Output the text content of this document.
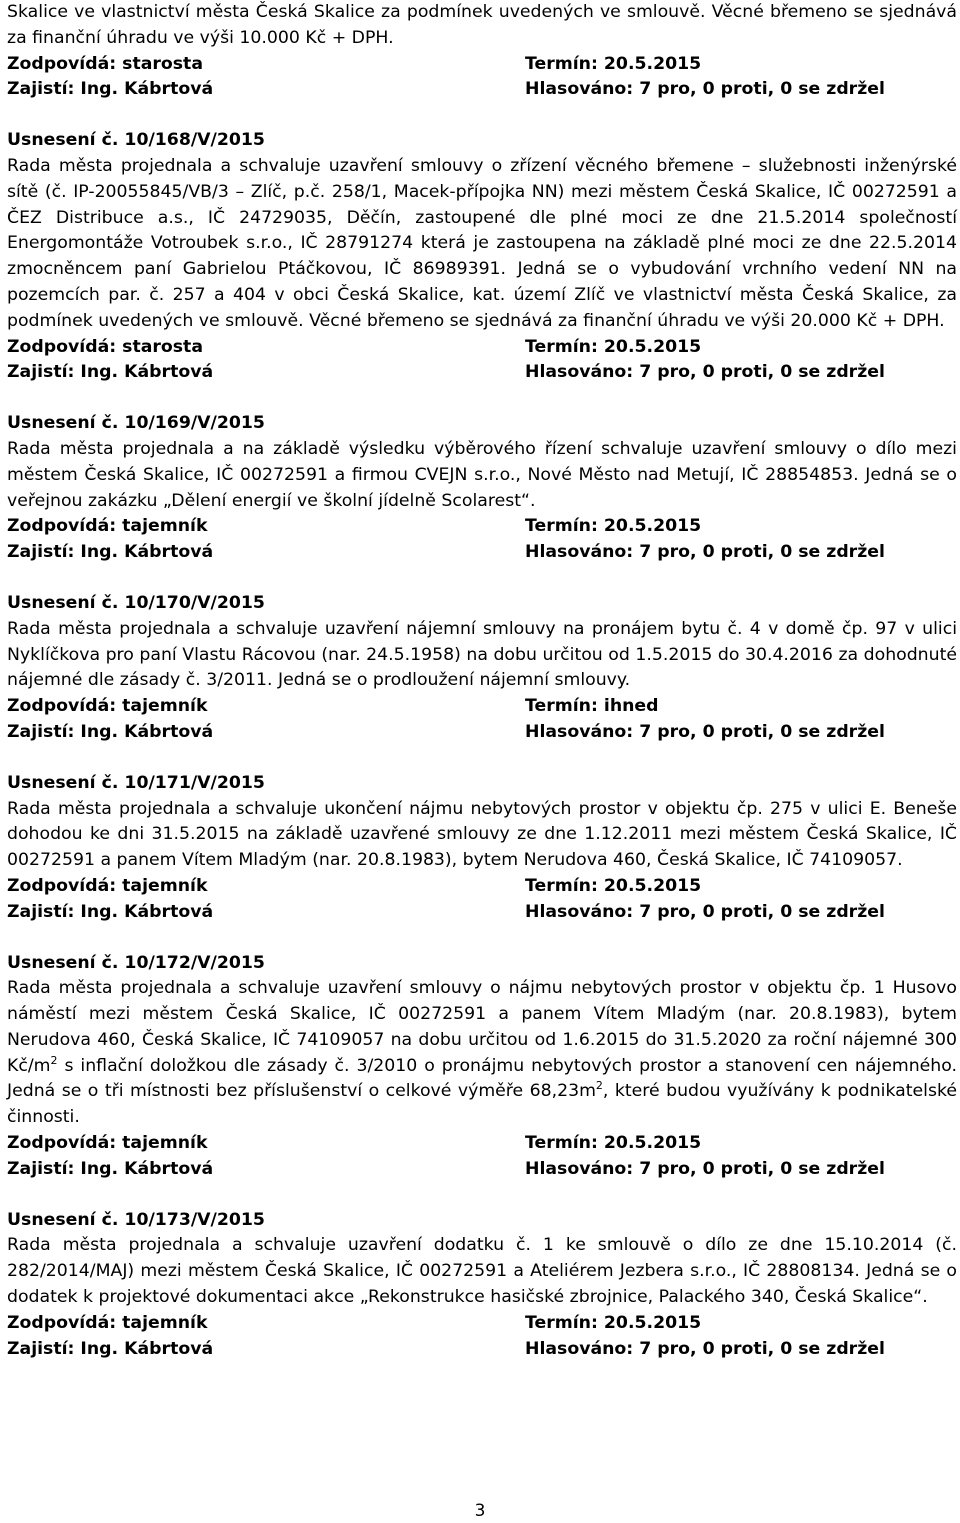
Skalice ve vlastnictví města Česká Skalice za podmínek uvedených ve smlouvě. Věcné břemeno se sjednává za finanční úhradu ve výši 10.000 Kč + DPH.

Zodpovídá: starosta	Termín: 20.5.2015
Zajistí: Ing. Kábrtová	Hlasováno: 7 pro, 0 proti, 0 se zdržel

Usnesení č. 10/168/V/2015

Rada města projednala a schvaluje uzavření smlouvy o zřízení věcného břemene – služebnosti inženýrské sítě (č. IP-20055845/VB/3 – Zlíč, p.č. 258/1, Macek-přípojka NN) mezi městem Česká Skalice, IČ 00272591 a ČEZ Distribuce a.s., IČ 24729035, Děčín, zastoupené dle plné moci ze dne 21.5.2014 společností Energomontáže Votroubek s.r.o., IČ 28791274 která je zastoupena na základě plné moci ze dne 22.5.2014 zmocněncem paní Gabrielou Ptáčkovou, IČ 86989391. Jedná se o vybudování vrchního vedení NN na pozemcích par. č. 257 a 404 v obci Česká Skalice, kat. území Zlíč ve vlastnictví města Česká Skalice, za podmínek uvedených ve smlouvě. Věcné břemeno se sjednává za finanční úhradu ve výši 20.000 Kč + DPH.

Zodpovídá: starosta	Termín: 20.5.2015
Zajistí: Ing. Kábrtová	Hlasováno: 7 pro, 0 proti, 0 se zdržel

Usnesení č. 10/169/V/2015

Rada města projednala a na základě výsledku výběrového řízení schvaluje uzavření smlouvy o dílo mezi městem Česká Skalice, IČ 00272591 a firmou CVEJN s.r.o., Nové Město nad Metují, IČ 28854853. Jedná se o veřejnou zakázku „Dělení energií ve školní jídelně Scolarest“.

Zodpovídá: tajemník	Termín: 20.5.2015
Zajistí: Ing. Kábrtová	Hlasováno: 7 pro, 0 proti, 0 se zdržel

Usnesení č. 10/170/V/2015

Rada města projednala a schvaluje uzavření nájemní smlouvy na pronájem bytu č. 4 v domě čp. 97 v ulici Nyklíčkova pro paní Vlastu Rácovou (nar. 24.5.1958) na dobu určitou od 1.5.2015 do 30.4.2016 za dohodnuté nájemné dle zásady č. 3/2011. Jedná se o prodloužení nájemní smlouvy.

Zodpovídá: tajemník	Termín: ihned
Zajistí: Ing. Kábrtová	Hlasováno: 7 pro, 0 proti, 0 se zdržel

Usnesení č. 10/171/V/2015

Rada města projednala a schvaluje ukončení nájmu nebytových prostor v objektu čp. 275 v ulici E. Beneše dohodou ke dni 31.5.2015 na základě uzavřené smlouvy ze dne 1.12.2011 mezi městem Česká Skalice, IČ 00272591 a panem Vítem Mladým (nar. 20.8.1983), bytem Nerudova 460, Česká Skalice, IČ 74109057.

Zodpovídá: tajemník	Termín: 20.5.2015
Zajistí: Ing. Kábrtová	Hlasováno: 7 pro, 0 proti, 0 se zdržel

Usnesení č. 10/172/V/2015

Rada města projednala a schvaluje uzavření smlouvy o nájmu nebytových prostor v objektu čp. 1 Husovo náměstí mezi městem Česká Skalice, IČ 00272591 a panem Vítem Mladým (nar. 20.8.1983), bytem Nerudova 460, Česká Skalice, IČ 74109057 na dobu určitou od 1.6.2015 do 31.5.2020 za roční nájemné 300 $Kč/m^2$ s inflační doložkou dle zásady č. 3/2010 o pronájmu nebytových prostor a stanovení cen nájemného. Jedná se o tři místnosti bez příslušenství o celkové výměře $68,23m^2$, které budou využívány k podnikatelské činnosti.

Zodpovídá: tajemník	Termín: 20.5.2015
Zajistí: Ing. Kábrtová	Hlasováno: 7 pro, 0 proti, 0 se zdržel

Usnesení č. 10/173/V/2015

Rada města projednala a schvaluje uzavření dodatku č. 1 ke smlouvě o dílo ze dne 15.10.2014 (č. 282/2014/MAJ) mezi městem Česká Skalice, IČ 00272591 a Ateliérem Jezbera s.r.o., IČ 28808134. Jedná se o dodatek k projektové dokumentaci akce „Rekonstrukce hasičské zbrojnice, Palackého 340, Česká Skalice“.

Zodpovídá: tajemník	Termín: 20.5.2015
Zajistí: Ing. Kábrtová	Hlasováno: 7 pro, 0 proti, 0 se zdržel
3
